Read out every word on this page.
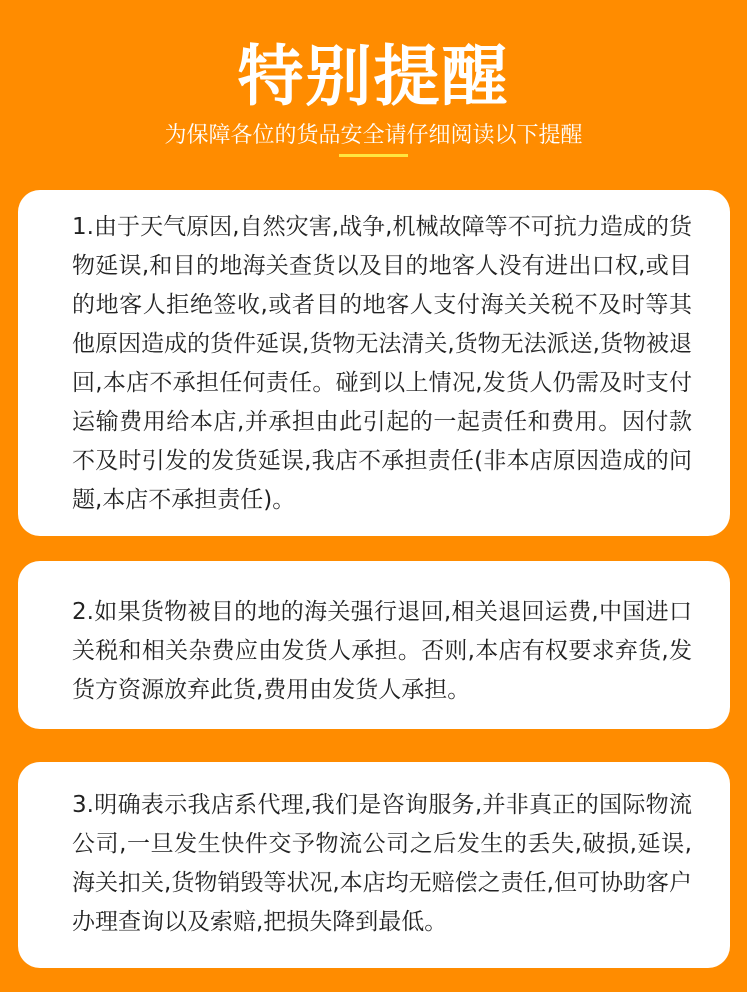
特别提醒
为保障各位的货品安全请仔细阅读以下提醒

1.由于天气原因,自然灾害,战争,机械故障等不可抗力造成的货物延误,和目的地海关查货以及目的地客人没有进出口权,或目的地客人拒绝签收,或者目的地客人支付海关关税不及时等其他原因造成的货件延误,货物无法清关,货物无法派送,货物被退回,本店不承担任何责任。碰到以上情况,发货人仍需及时支付运输费用给本店,并承担由此引起的一起责任和费用。因付款不及时引发的发货延误,我店不承担责任(非本店原因造成的问题,本店不承担责任)。

2.如果货物被目的地的海关强行退回,相关退回运费,中国进口关税和相关杂费应由发货人承担。否则,本店有权要求弃货,发货方资源放弃此货,费用由发货人承担。

3.明确表示我店系代理,我们是咨询服务,并非真正的国际物流公司,一旦发生快件交予物流公司之后发生的丢失,破损,延误,海关扣关,货物销毁等状况,本店均无赔偿之责任,但可协助客户办理查询以及索赔,把损失降到最低。
